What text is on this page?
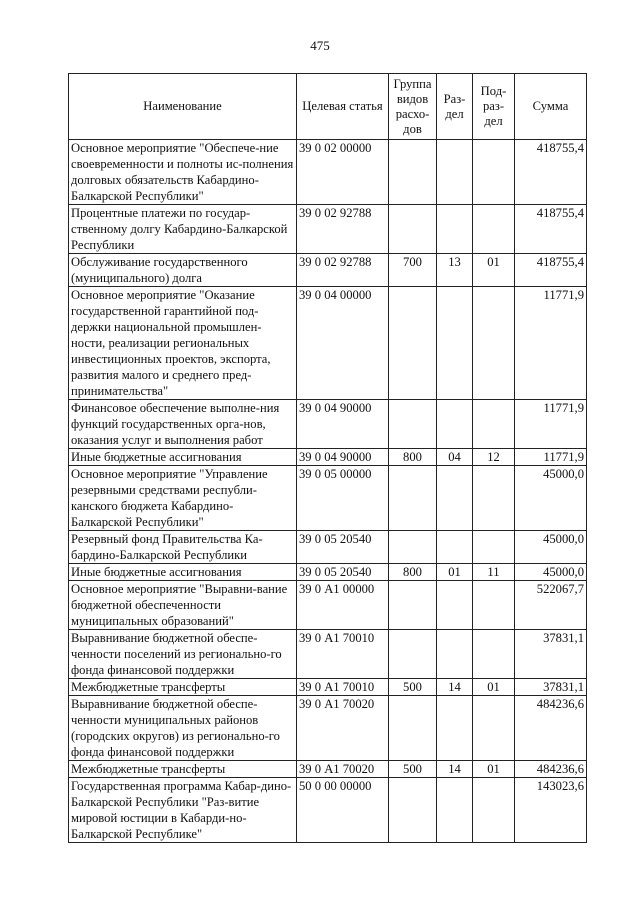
475
Наименование	Целевая статья	Группа видов расхо-дов	Раз-дел	Под-раз-дел	Сумма
Основное мероприятие "Обеспече-ние своевременности и полноты ис-полнения долговых обязательств Кабардино-Балкарской Республики"	39 0 02 00000				418755,4
Процентные платежи по государ-ственному долгу Кабардино-Балкарской Республики	39 0 02 92788				418755,4
Обслуживание государственного (муниципального) долга	39 0 02 92788	700	13	01	418755,4
Основное мероприятие "Оказание государственной гарантийной под-держки национальной промышлен-ности, реализации региональных инвестиционных проектов, экспорта, развития малого и среднего пред-принимательства"	39 0 04 00000				11771,9
Финансовое обеспечение выполне-ния функций государственных орга-нов, оказания услуг и выполнения работ	39 0 04 90000				11771,9
Иные бюджетные ассигнования	39 0 04 90000	800	04	12	11771,9
Основное мероприятие "Управление резервными средствами республи-канского бюджета Кабардино-Балкарской Республики"	39 0 05 00000				45000,0
Резервный фонд Правительства Ка-бардино-Балкарской Республики	39 0 05 20540				45000,0
Иные бюджетные ассигнования	39 0 05 20540	800	01	11	45000,0
Основное мероприятие "Выравни-вание бюджетной обеспеченности муниципальных образований"	39 0 А1 00000				522067,7
Выравнивание бюджетной обеспе-ченности поселений из регионально-го фонда финансовой поддержки	39 0 А1 70010				37831,1
Межбюджетные трансферты	39 0 А1 70010	500	14	01	37831,1
Выравнивание бюджетной обеспе-ченности муниципальных районов (городских округов) из регионально-го фонда финансовой поддержки	39 0 А1 70020				484236,6
Межбюджетные трансферты	39 0 А1 70020	500	14	01	484236,6
Государственная программа Кабар-дино-Балкарской Республики "Раз-витие мировой юстиции в Кабарди-но-Балкарской Республике"	50 0 00 00000				143023,6
